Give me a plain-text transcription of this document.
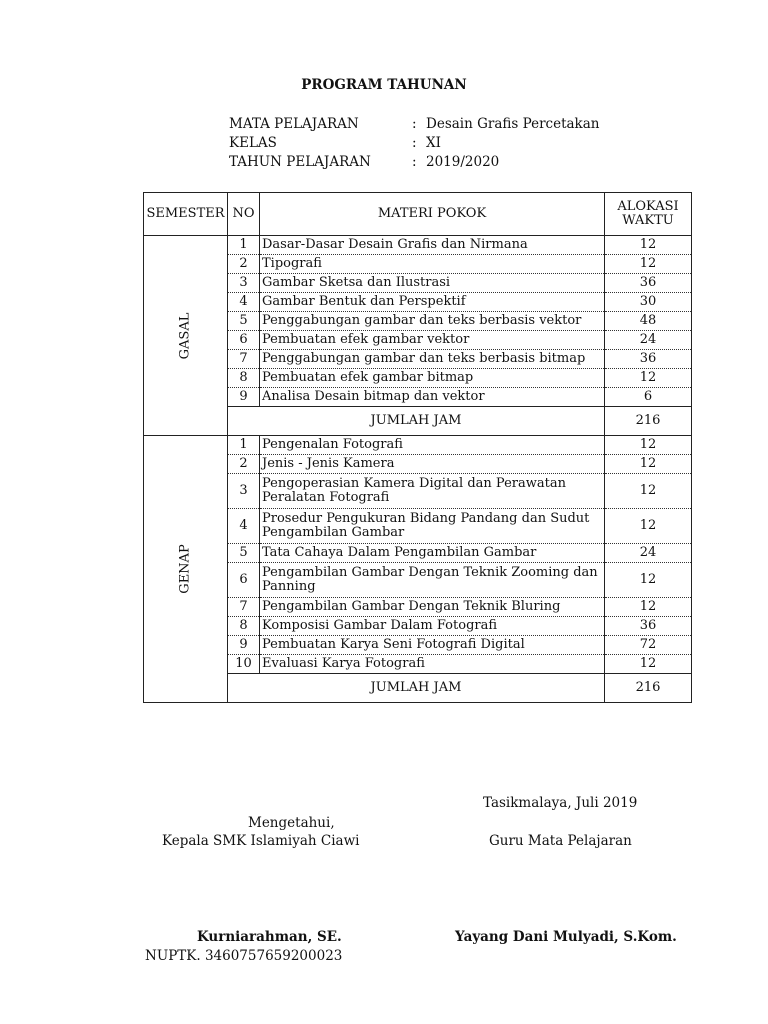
PROGRAM TAHUNAN
MATA PELAJARAN	: Desain Grafis Percetakan
KELAS	: XI
TAHUN PELAJARAN	: 2019/2020
SEMESTER	NO	MATERI POKOK	ALOKASI
WAKTU
GASAL	1	Dasar-Dasar Desain Grafis dan Nirmana	12
	2	Tipografi	12
	3	Gambar Sketsa dan Ilustrasi	36
	4	Gambar Bentuk dan Perspektif	30
	5	Penggabungan gambar dan teks berbasis vektor	48
	6	Pembuatan efek gambar vektor	24
	7	Penggabungan gambar dan teks berbasis bitmap	36
	8	Pembuatan efek gambar bitmap	12
	9	Analisa Desain bitmap dan vektor	6
	JUMLAH JAM		216
GENAP	1	Pengenalan Fotografi	12
	2	Jenis - Jenis Kamera	12
	3	Pengoperasian Kamera Digital dan Perawatan Peralatan Fotografi	12
	4	Prosedur Pengukuran Bidang Pandang dan Sudut Pengambilan Gambar	12
	5	Tata Cahaya Dalam Pengambilan Gambar	24
	6	Pengambilan Gambar Dengan Teknik Zooming dan Panning	12
	7	Pengambilan Gambar Dengan Teknik Bluring	12
	8	Komposisi Gambar Dalam Fotografi	36
	9	Pembuatan Karya Seni Fotografi Digital	72
	10	Evaluasi Karya Fotografi	12
	JUMLAH JAM		216
Tasikmalaya, Juli 2019
Mengetahui,
Kepala SMK Islamiyah Ciawi	Guru Mata Pelajaran
Kurniarahman, SE.	Yayang Dani Mulyadi, S.Kom.
NUPTK. 3460757659200023
